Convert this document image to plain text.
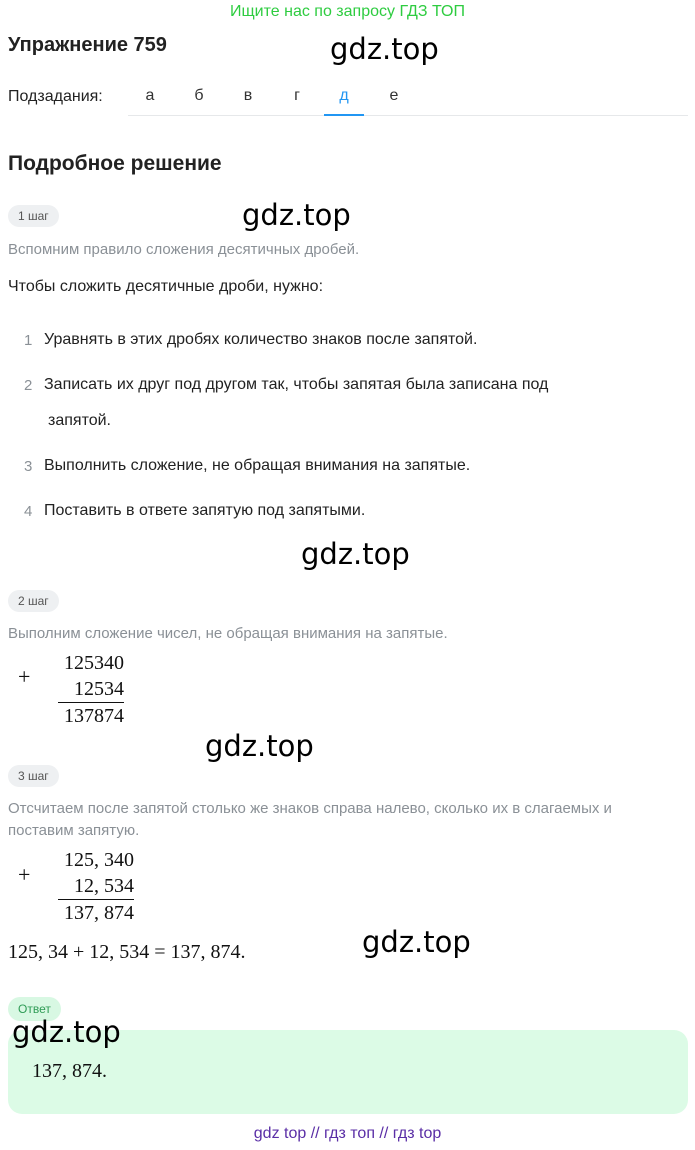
Ищите нас по запросу ГДЗ ТОП
Упражнение 759	gdz.top
Подзадания:	а	б	в	г	д	е
Подробное решение
1 шаг	gdz.top
Вспомним правило сложения десятичных дробей.
Чтобы сложить десятичные дроби, нужно:
1 Уравнять в этих дробях количество знаков после запятой.
2 Записать их друг под другом так, чтобы запятая была записана под
запятой.
3 Выполнить сложение, не обращая внимания на запятые.
4 Поставить в ответе запятую под запятыми.
gdz.top
2 шаг
Выполним сложение чисел, не обращая внимания на запятые.
+
125340
12534
137874
gdz.top
3 шаг
Отсчитаем после запятой столько же знаков справа налево, сколько их в слагаемых и
поставим запятую.
+
125, 340
12, 534
137, 874
125, 34 + 12, 534 = 137, 874.	gdz.top
Ответ
gdz.top
137, 874.
gdz top // гдз топ // гдз top
